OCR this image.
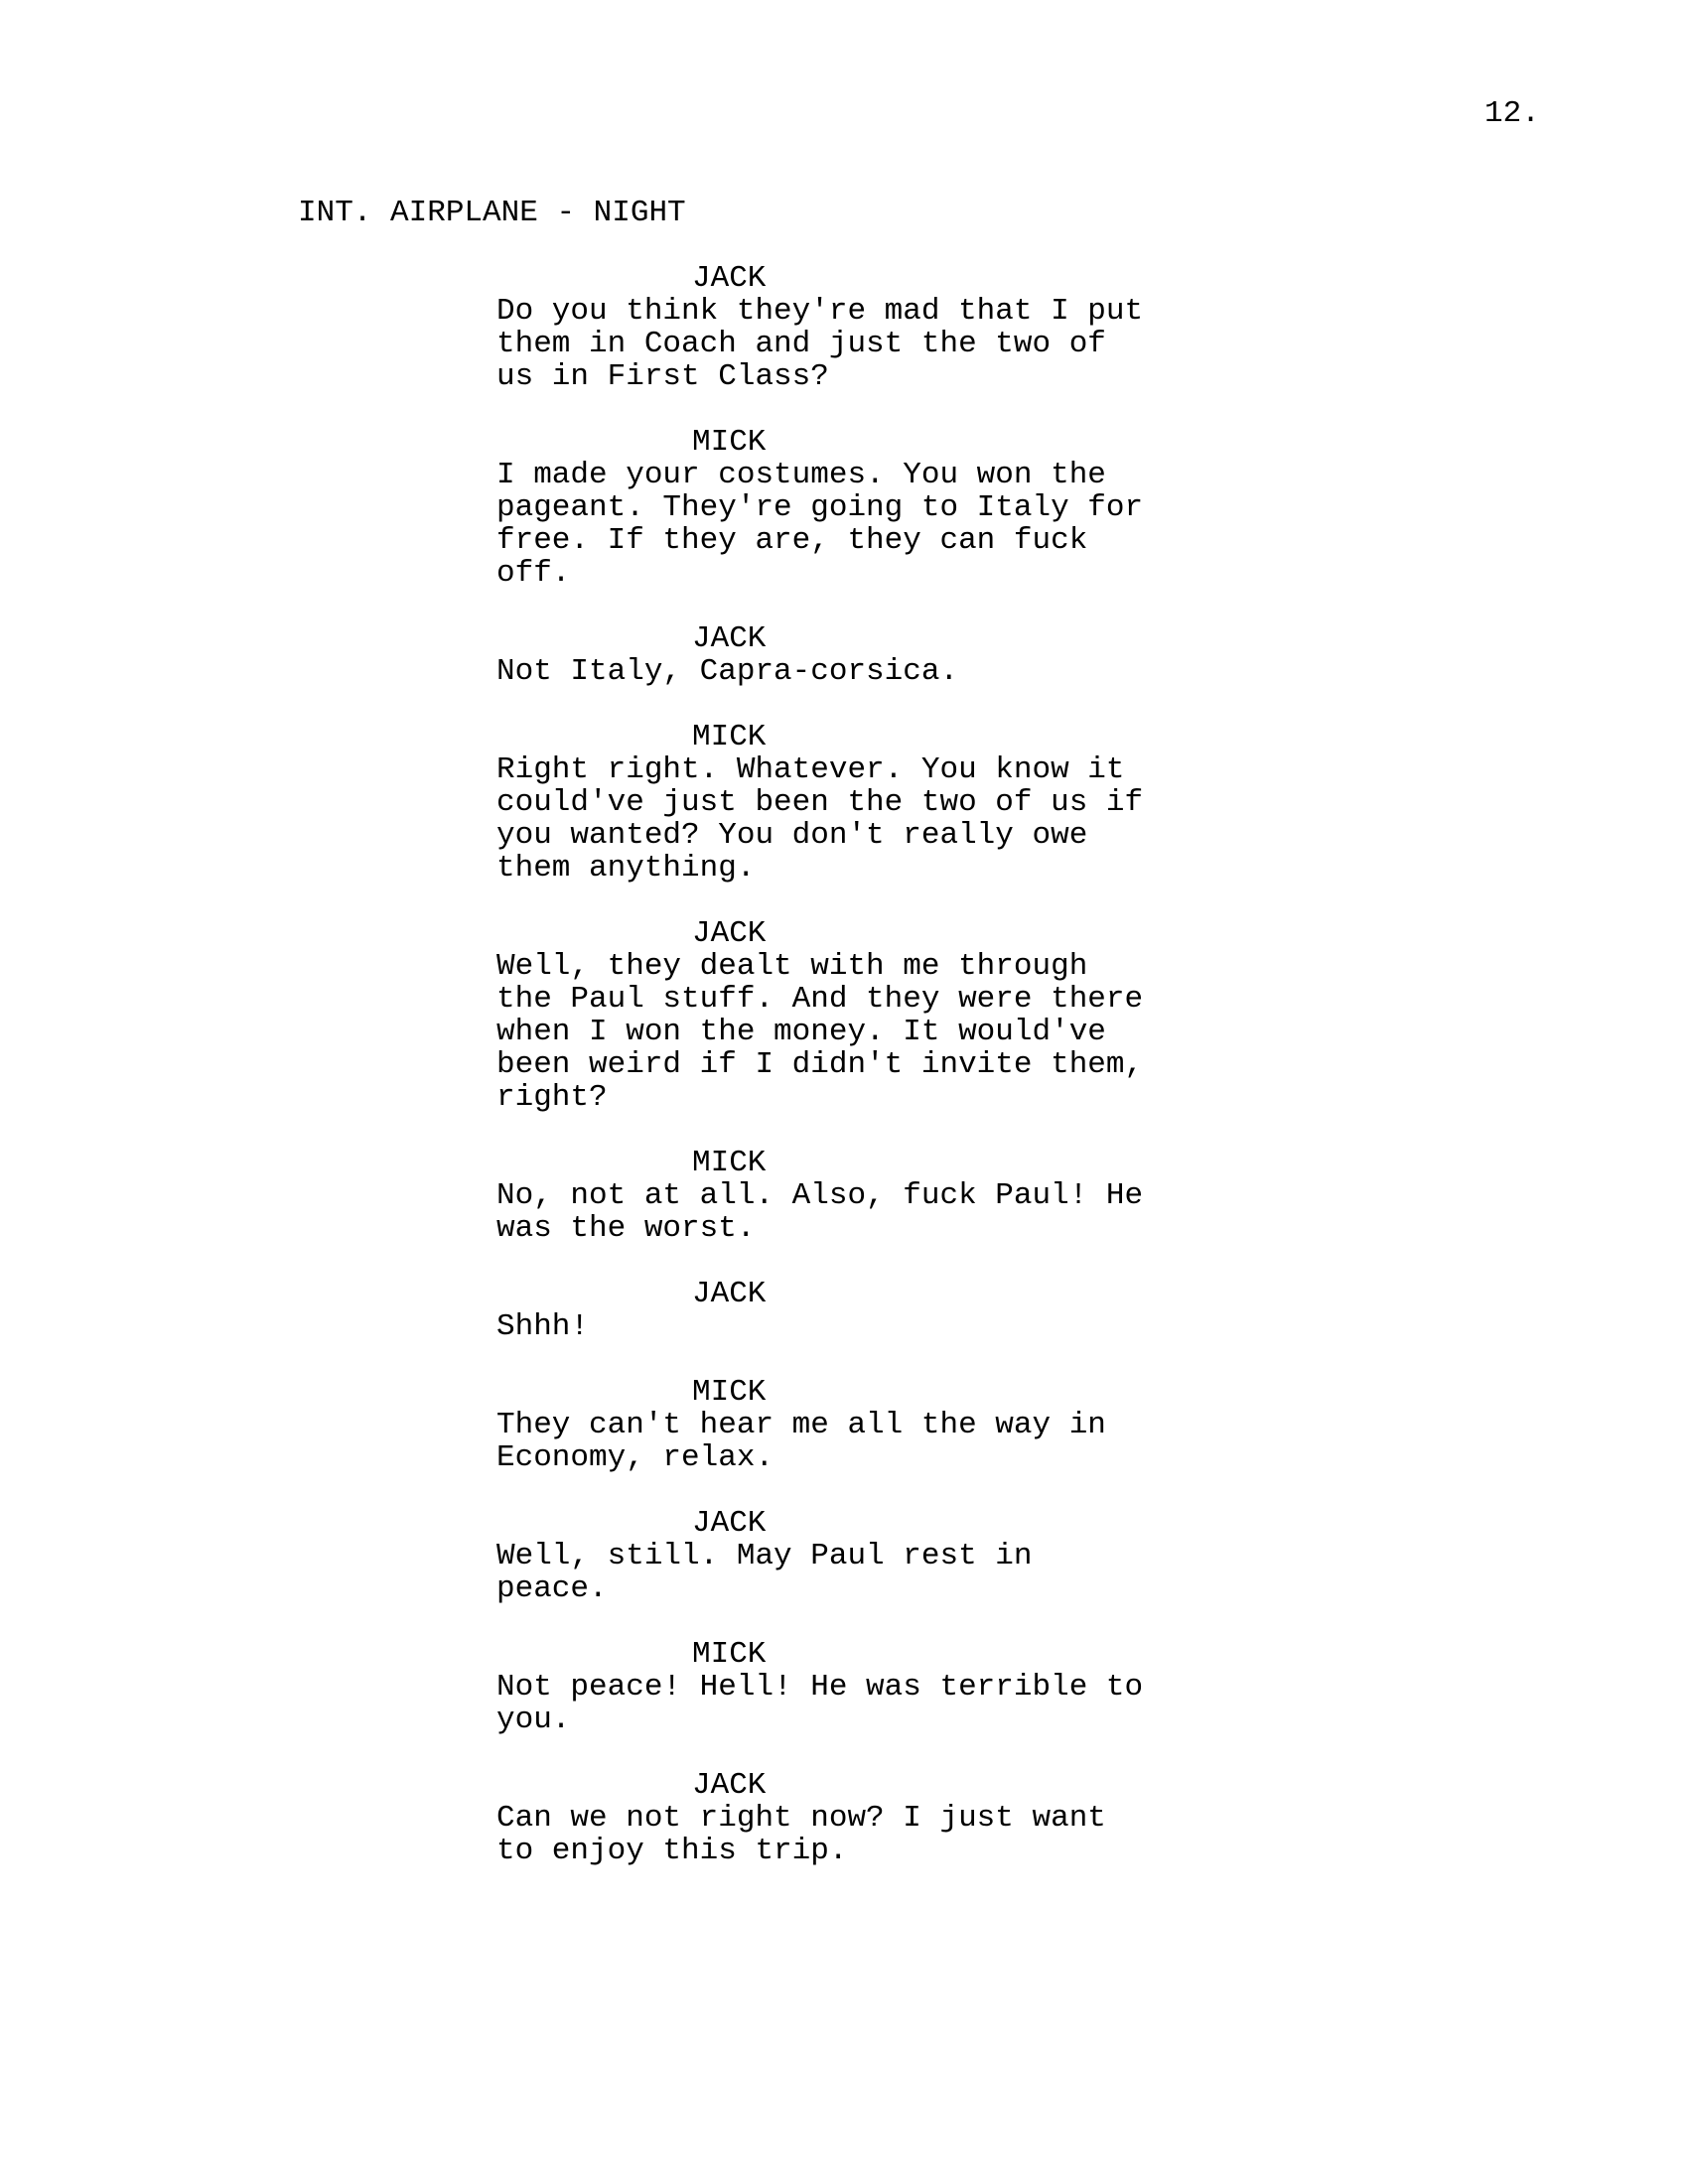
12.
INT. AIRPLANE - NIGHT
JACK
Do you think they're mad that I put
them in Coach and just the two of
us in First Class?
MICK
I made your costumes. You won the
pageant. They're going to Italy for
free. If they are, they can fuck
off.
JACK
Not Italy, Capra-corsica.
MICK
Right right. Whatever. You know it
could've just been the two of us if
you wanted? You don't really owe
them anything.
JACK
Well, they dealt with me through
the Paul stuff. And they were there
when I won the money. It would've
been weird if I didn't invite them,
right?
MICK
No, not at all. Also, fuck Paul! He
was the worst.
JACK
Shhh!
MICK
They can't hear me all the way in
Economy, relax.
JACK
Well, still. May Paul rest in
peace.
MICK
Not peace! Hell! He was terrible to
you.
JACK
Can we not right now? I just want
to enjoy this trip.
